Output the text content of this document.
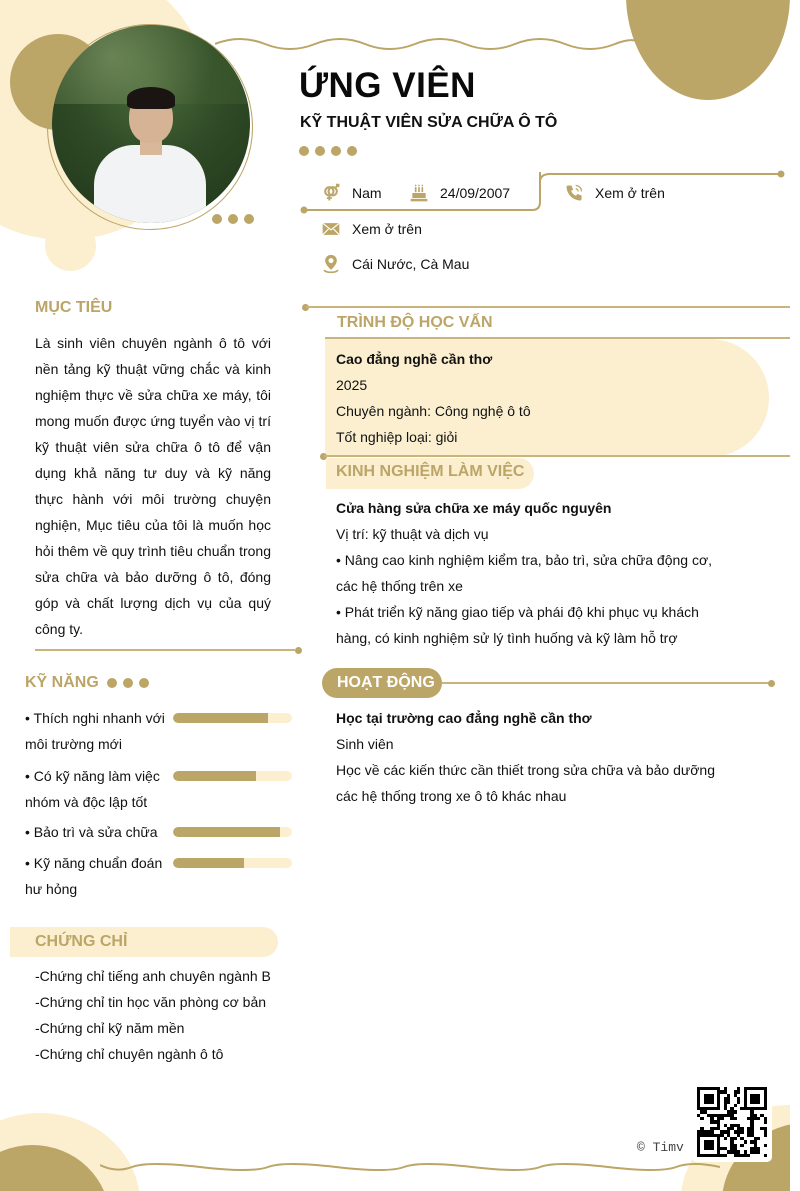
ỨNG VIÊN
KỸ THUẬT VIÊN SỬA CHỮA Ô TÔ
Nam	24/09/2007	Xem ở trên
Xem ở trên
Cái Nước, Cà Mau
MỤC TIÊU
Là sinh viên chuyên ngành ô tô với nền tảng kỹ thuật vững chắc và kinh nghiệm thực về sửa chữa xe máy, tôi mong muốn được ứng tuyển vào vị trí kỹ thuật viên sửa chữa ô tô để vận dụng khả năng tư duy và kỹ năng thực hành với môi trường chuyện nghiện, Mục tiêu của tôi là muốn học hỏi thêm về quy trình tiêu chuẩn trong sửa chữa và bảo dưỡng ô tô, đóng góp và chất lượng dịch vụ của quý công ty.
KỸ NĂNG
• Thích nghi nhanh với môi trường mới
• Có kỹ năng làm việc nhóm và độc lập tốt
• Bảo trì và sửa chữa
• Kỹ năng chuẩn đoán hư hỏng
CHỨNG CHỈ
-Chứng chỉ tiếng anh chuyên ngành B
-Chứng chỉ tin học văn phòng cơ bản
-Chứng chỉ kỹ năm mền
-Chứng chỉ chuyên ngành ô tô
TRÌNH ĐỘ HỌC VẤN
Cao đẳng nghề cần thơ
2025
Chuyên ngành: Công nghệ ô tô
Tốt nghiệp loại: giỏi
KINH NGHIỆM LÀM VIỆC
Cửa hàng sửa chữa xe máy quốc nguyên
Vị trí: kỹ thuật và dịch vụ
• Nâng cao kinh nghiệm kiểm tra, bảo trì, sửa chữa động cơ, các hệ thống trên xe
• Phát triển kỹ năng giao tiếp và phái độ khi phục vụ khách hàng, có kinh nghiệm sử lý tình huống và kỹ làm hỗ trợ
HOẠT ĐỘNG
Học tại trường cao đẳng nghề cần thơ
Sinh viên
Học về các kiến thức cần thiết trong sửa chữa và bảo dưỡng các hệ thống trong xe ô tô khác nhau
© Timv
